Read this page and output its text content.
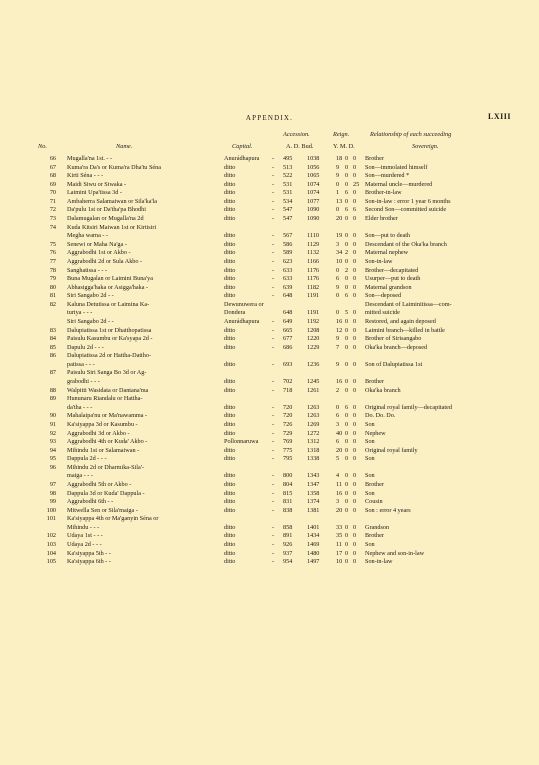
APPENDIX.	LXIII
Accession.	Reign.	Relationship of each succeeding
No.	Name.	Capital.	A. D. Bud.	Y. M. D.	Sovereign.
66 Mugalla'na 1st. - -	Anurádhapura - 495 1038	18 0 0 Brother
67 Kuma'ra Da's or Kuma'ra Dha'tu Séna	ditto	- 513 1056	9 0 0 Son—immolated himself
68 Kirti Séna - - -	ditto	- 522 1065	9 0 0 Son—murdered *
69 Maidi Siwu or Siwaka -	ditto	- 531 1074	0 0 25 Maternal uncle—murdered
70 Laimini Upa'tissa 3d -	ditto	- 531 1074	1 6 0 Brother-in-law
71 Ambaherra Salamaiwan or Sila'ka'la	ditto	- 534 1077	13 0 0 Son-in-law : error 1 year 6 months
72 Da'pulu 1st or Da'tha'pa Bhodhi	ditto	- 547 1090	0 6 6 Second Son—committed suicide
73 Dalamugalan or Mugalla'na 2d	ditto	- 547 1090	20 0 0 Elder brother
74 Kuda Kitsiri Maiwan 1st or Kirtisiri
Megha warna - -	ditto	- 567 1110	19 0 0 Son—put to death
75 Senewi or Maha Na'ga -	ditto	- 586 1129	3 0 0 Descendant of the Oka'ka branch
76 Aggrabodhi 1st or Akbo -	ditto	- 589 1132	34 2 0 Maternal nephew
77 Aggrabodhi 2d or Sula Akbo -	ditto	- 623 1166	10 0 0 Son-in-law
78 Sanghatissa - - -	ditto	- 633 1176	0 2 0 Brother—decapitated
79 Buna Mugalan or Laimini Buna'ya	ditto	- 633 1176	6 0 0 Usurper—put to death
80 Abhasigga'haka or Asigga'haka -	ditto	- 639 1182	9 0 0 Maternal grandson
81 Siri Sangabo 2d - -	ditto	- 648 1191	0 6 0 Son—deposed
82 Kaluna Detutissa or Laimina Ka-	Dewunuwera or	Descendant of Laiminitissa—com-
turiya - - -	Dondera	648 1191	0 5 0 mitted suicide
Siri Sangabo 2d - -	Anurádhapura - 649 1192	16 0 0 Restored, and again deposed
83 Dalupiatissa 1st or Dhatthopatissa	ditto	- 665 1208	12 0 0 Laimini branch—killed in battle
84 Paisulu Kasumbu or Ka'syapa 2d -	ditto	- 677 1220	9 0 0 Brother of Sirisangabo
85 Dapulu 2d - - -	ditto	- 686 1229	7 0 0 Oka'ka branch—deposed
86 Dalupiatissa 2d or Hattha-Dattho-
patissa - - -	ditto	- 693 1236	9 0 0 Son of Dalupiatissa 1st
87 Paisulu Siri Sanga Bo 3d or Ag-
grabodhi - - -	ditto	- 702 1245	16 0 0 Brother
88 Walpitti Wasidata or Dantana'ma	ditto	- 718 1261	2 0 0 Oka'ka branch
89 Hununaru Riandalu or Hattha-
da'tha - - -	ditto	- 720 1263	0 6 0 Original royal family—decapitated
90 Mahalaipa'nu or Ma'nawamma -	ditto	- 720 1263	6 0 0 Do. Do. Do.
91 Ka'siyappa 3d or Kasumbu -	ditto	- 726 1269	3 0 0 Son
92 Aggrabodhi 3d or Akbo -	ditto	- 729 1272	40 0 0 Nephew
93 Aggrabodhi 4th or Kuda' Akbo -	Pollonnaruwa - 769 1312	6 0 0 Son
94 Mihindu 1st or Salamaiwan -	ditto	- 775 1318	20 0 0 Original royal family
95 Dappula 2d - - -	ditto	- 795 1338	5 0 0 Son
96 Mihindu 2d or Dharmika-Sila'-
maiga - - -	ditto	- 800 1343	4 0 0 Son
97 Aggrabodhi 5th or Akbo -	ditto	- 804 1347	11 0 0 Brother
98 Dappula 3d or Kuda' Dappula -	ditto	- 815 1358	16 0 0 Son
99 Aggrabodhi 6th - -	ditto	- 831 1374	3 0 0 Cousin
100 Mitwella Sen or Sila'maiga -	ditto	- 838 1381	20 0 0 Son : error 4 years
101 Ka'siyappa 4th or Ma'ganyin Séna or
Mihindu - - -	ditto	- 858 1401	33 0 0 Grandson
102 Udaya 1st - - -	ditto	- 891 1434	35 0 0 Brother
103 Udaya 2d - - -	ditto	- 926 1469	11 0 0 Son
104 Ka'siyappa 5th - -	ditto	- 937 1480	17 0 0 Nephew and son-in-law
105 Ka'siyappa 6th - -	ditto	- 954 1497	10 0 0 Son-in-law
